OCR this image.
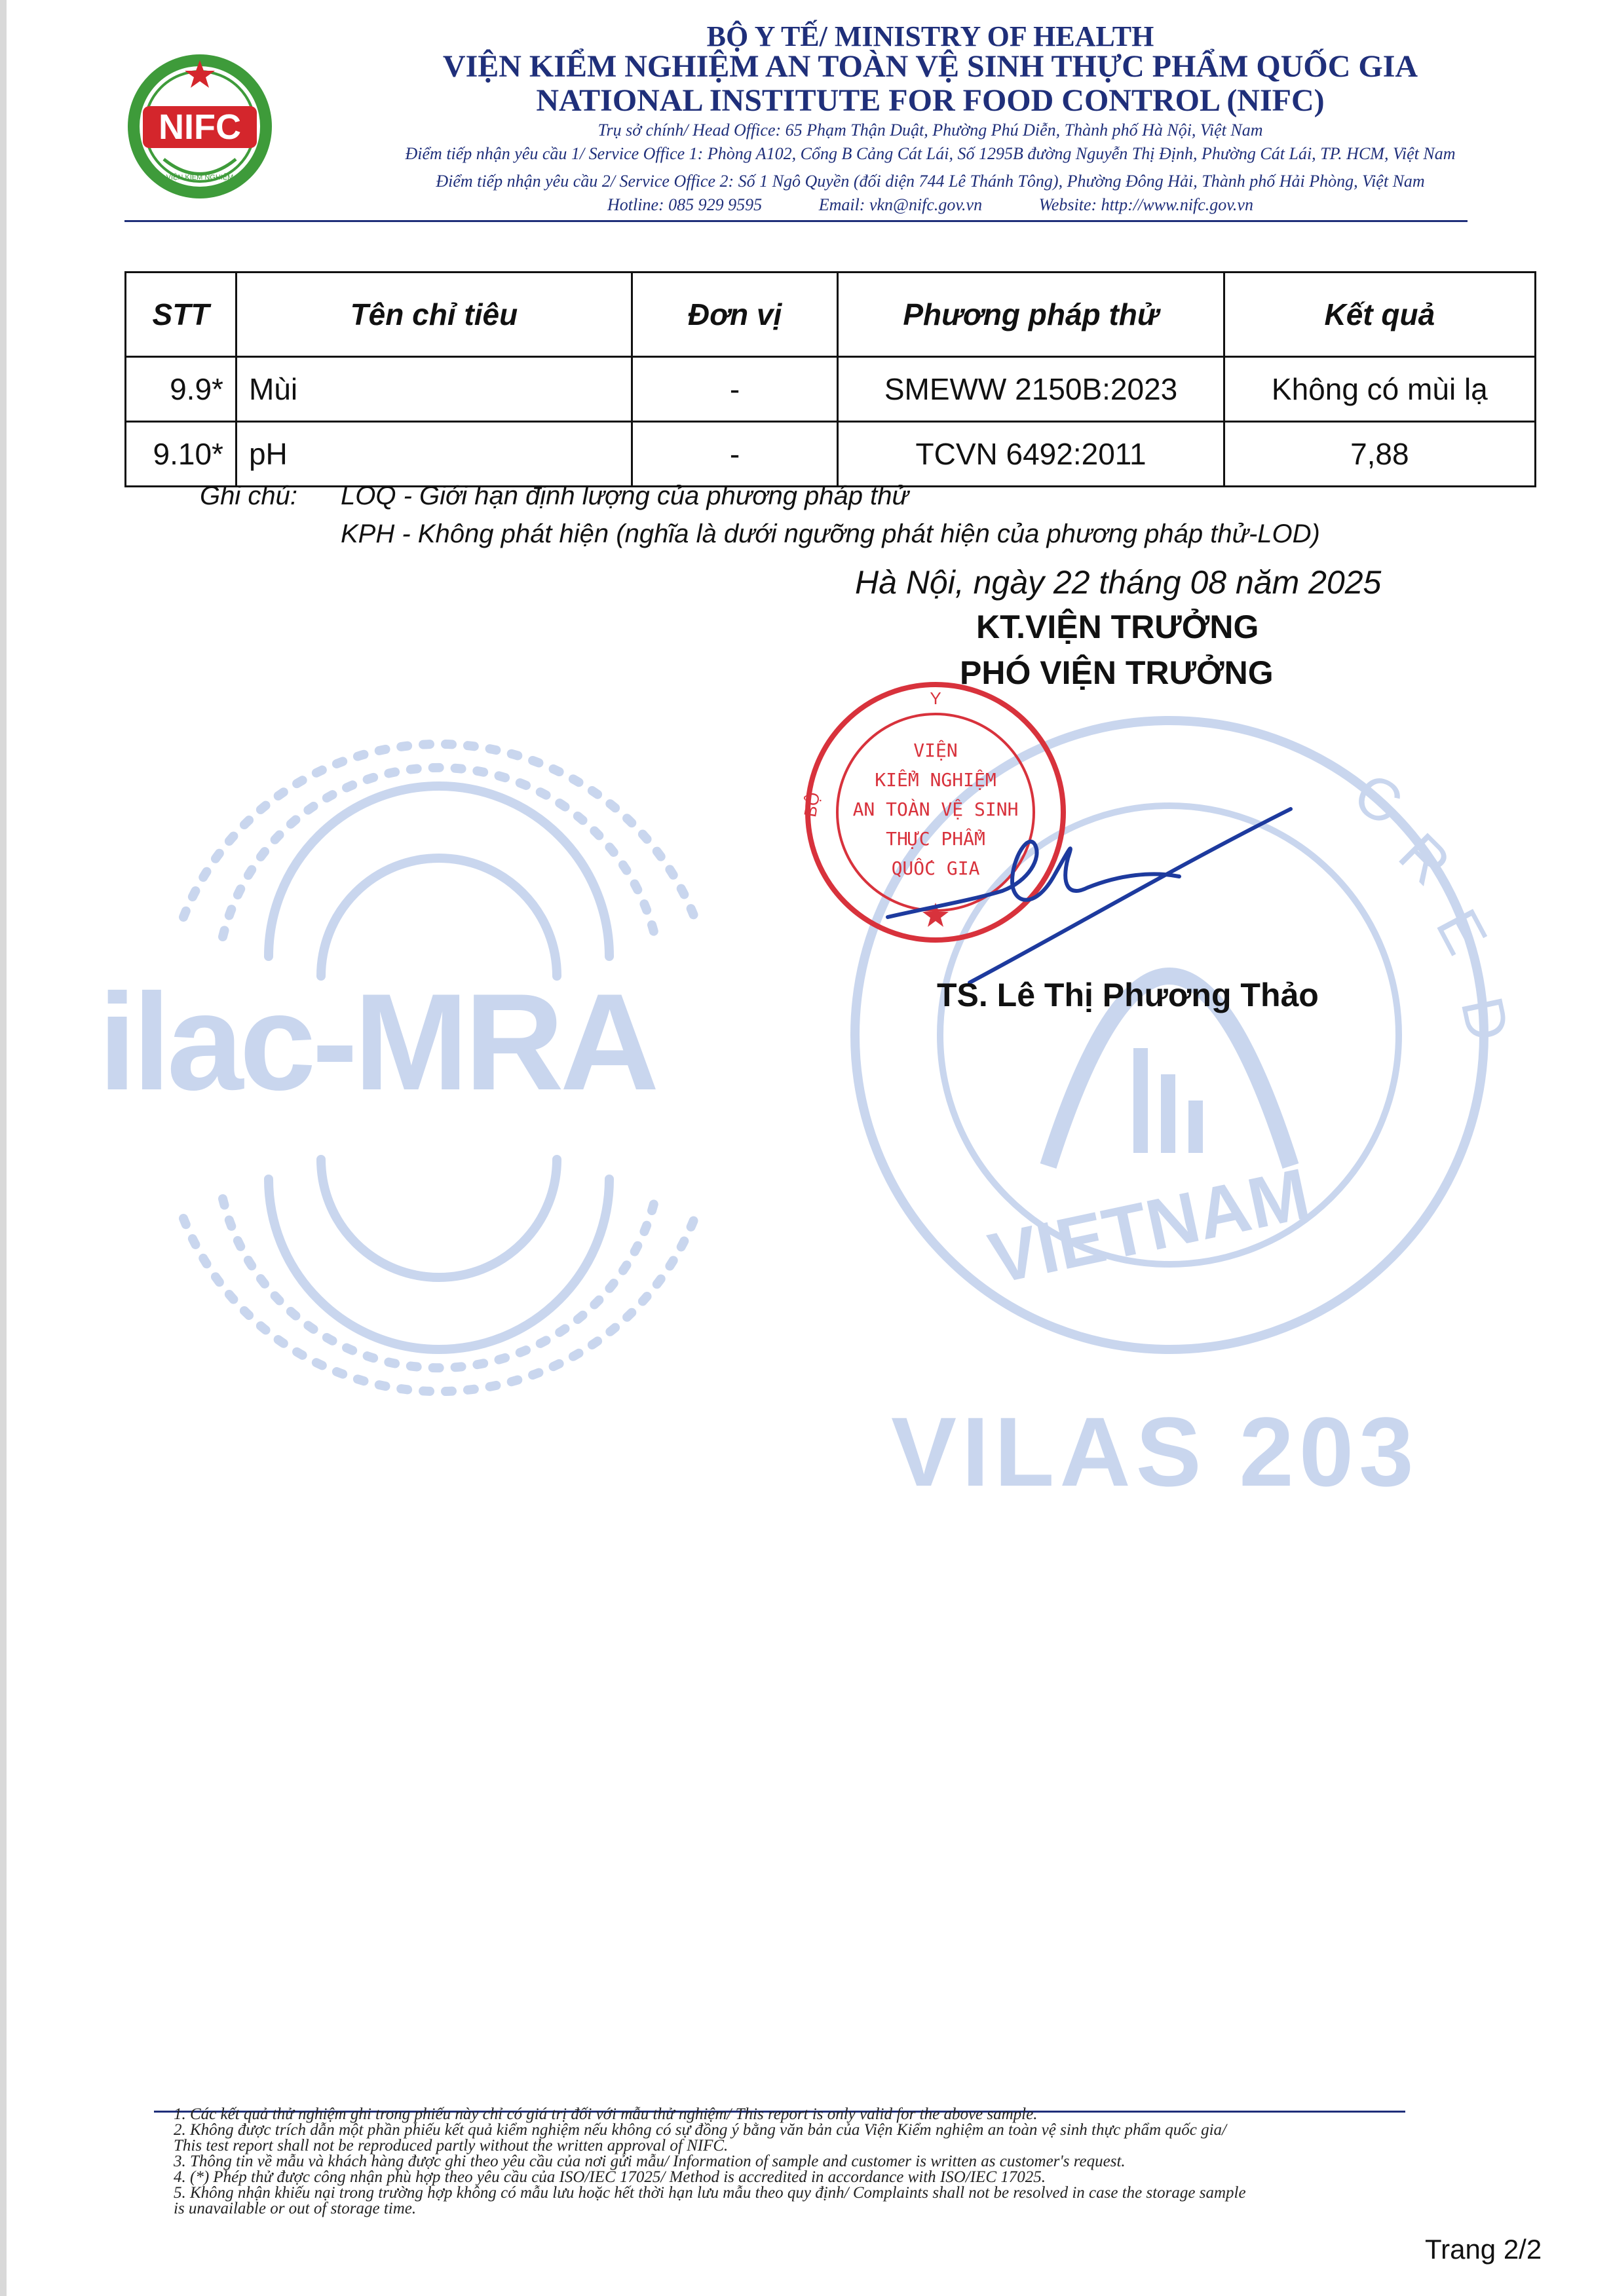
NIFC
VIỆN KIỂM NGHIỆM
BỘ Y TẾ/ MINISTRY OF HEALTH
VIỆN KIỂM NGHIỆM AN TOÀN VỆ SINH THỰC PHẨM QUỐC GIA
NATIONAL INSTITUTE FOR FOOD CONTROL (NIFC)
Trụ sở chính/ Head Office: 65 Phạm Thận Duật, Phường Phú Diễn, Thành phố Hà Nội, Việt Nam
Điểm tiếp nhận yêu cầu 1/ Service Office 1: Phòng A102, Cổng B Cảng Cát Lái, Số 1295B đường Nguyễn Thị Định, Phường Cát Lái, TP. HCM, Việt Nam
Điểm tiếp nhận yêu cầu 2/ Service Office 2: Số 1 Ngô Quyền (đối diện 744 Lê Thánh Tông), Phường Đông Hải, Thành phố Hải Phòng, Việt Nam
Hotline: 085 929 9595	Email: vkn@nifc.gov.vn	Website: http://www.nifc.gov.vn
ilac-MRA
C
R
E
D
VIETNAM
VILAS 203
STT	Tên chỉ tiêu	Đơn vị	Phương pháp thử	Kết quả
9.9*	Mùi	-	SMEWW 2150B:2023	Không có mùi lạ
9.10*	pH	-	TCVN 6492:2011	7,88
Ghi chú: LOQ - Giới hạn định lượng của phương pháp thử
KPH - Không phát hiện (nghĩa là dưới ngưỡng phát hiện của phương pháp thử-LOD)
Hà Nội, ngày 22 tháng 08 năm 2025
KT.VIỆN TRƯỞNG
PHÓ VIỆN TRƯỞNG
Y
BỘ
VIỆN
KIỂM NGHIỆM
AN TOÀN VỆ SINH
THỰC PHẨM
QUỐC GIA
TS. Lê Thị Phương Thảo
1. Các kết quả thử nghiệm ghi trong phiếu này chỉ có giá trị đối với mẫu thử nghiệm/ This report is only valid for the above sample.
2. Không được trích dẫn một phần phiếu kết quả kiểm nghiệm nếu không có sự đồng ý bằng văn bản của Viện Kiểm nghiệm an toàn vệ sinh thực phẩm quốc gia/
This test report shall not be reproduced partly without the written approval of NIFC.
3. Thông tin về mẫu và khách hàng được ghi theo yêu cầu của nơi gửi mẫu/ Information of sample and customer is written as customer's request.
4. (*) Phép thử được công nhận phù hợp theo yêu cầu của ISO/IEC 17025/ Method is accredited in accordance with ISO/IEC 17025.
5. Không nhận khiếu nại trong trường hợp không có mẫu lưu hoặc hết thời hạn lưu mẫu theo quy định/ Complaints shall not be resolved in case the storage sample
is unavailable or out of storage time.
Trang 2/2
